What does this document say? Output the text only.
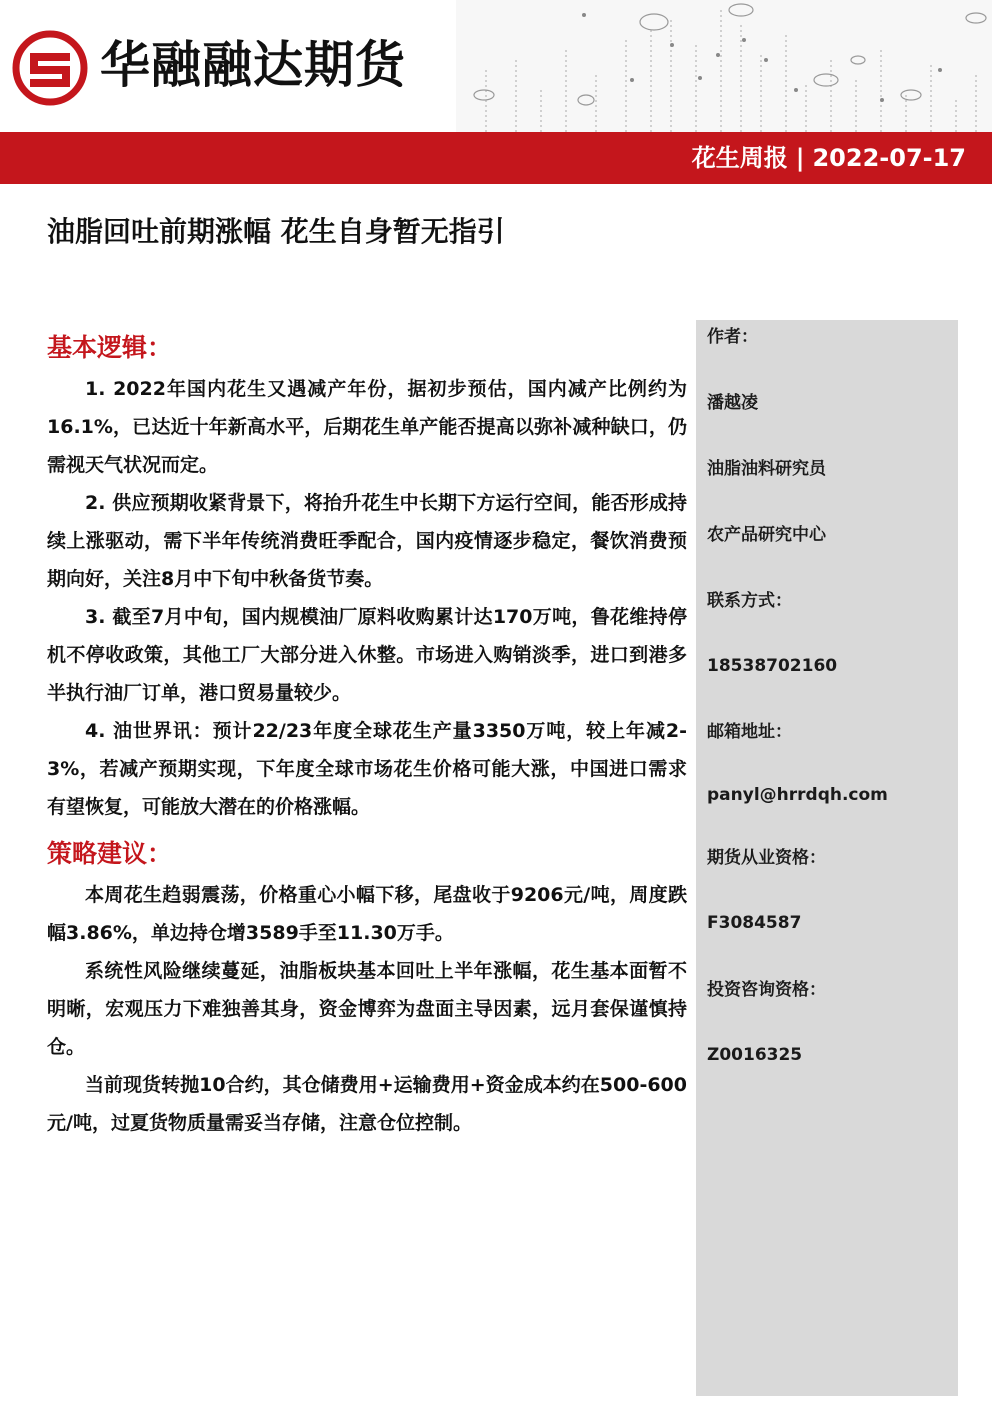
华融融达期货
花生周报 | 2022-07-17
油脂回吐前期涨幅 花生自身暂无指引
基本逻辑：

1. 2022年国内花生又遇减产年份，据初步预估，国内减产比例约为16.1%，已达近十年新高水平，后期花生单产能否提高以弥补减种缺口，仍需视天气状况而定。

2. 供应预期收紧背景下，将抬升花生中长期下方运行空间，能否形成持续上涨驱动，需下半年传统消费旺季配合，国内疫情逐步稳定，餐饮消费预期向好，关注8月中下旬中秋备货节奏。

3. 截至7月中旬，国内规模油厂原料收购累计达170万吨，鲁花维持停机不停收政策，其他工厂大部分进入休整。市场进入购销淡季，进口到港多半执行油厂订单，港口贸易量较少。

4. 油世界讯：预计22/23年度全球花生产量3350万吨，较上年减2-3%，若减产预期实现，下年度全球市场花生价格可能大涨，中国进口需求有望恢复，可能放大潜在的价格涨幅。

策略建议：

本周花生趋弱震荡，价格重心小幅下移，尾盘收于9206元/吨，周度跌幅3.86%，单边持仓增3589手至11.30万手。

系统性风险继续蔓延，油脂板块基本回吐上半年涨幅，花生基本面暂不明晰，宏观压力下难独善其身，资金博弈为盘面主导因素，远月套保谨慎持仓。

当前现货转抛10合约，其仓储费用+运输费用+资金成本约在500-600元/吨，过夏货物质量需妥当存储，注意仓位控制。

作者：
潘越凌
油脂油料研究员
农产品研究中心
联系方式：
18538702160
邮箱地址：
panyl@hrrdqh.com
期货从业资格：
F3084587
投资咨询资格：
Z0016325
